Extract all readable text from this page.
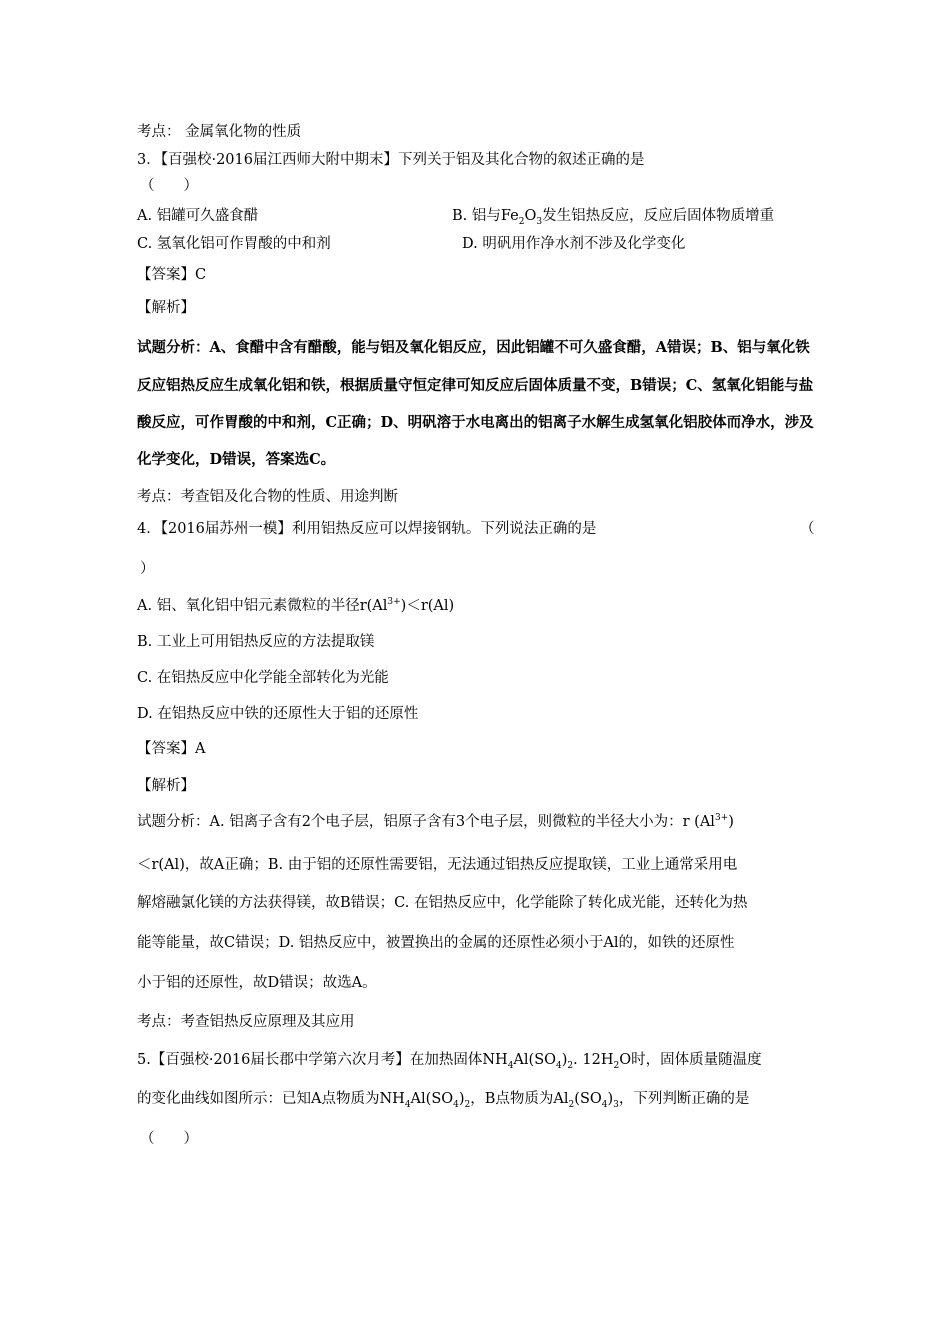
考点： 金属氧化物的性质
3．【百强校·2016届江西师大附中期末】下列关于铝及其化合物的叙述正确的是
（　　）
A. 铝罐可久盛食醋	B. 铝与$Fe_2O_3$发生铝热反应，反应后固体物质增重
C. 氢氧化铝可作胃酸的中和剂	D. 明矾用作净水剂不涉及化学变化
【答案】C
【解析】
试题分析：A、食醋中含有醋酸，能与铝及氧化铝反应，因此铝罐不可久盛食醋，A错误；B、铝与氧化铁
反应铝热反应生成氧化铝和铁，根据质量守恒定律可知反应后固体质量不变，B错误；C、氢氧化铝能与盐
酸反应，可作胃酸的中和剂，C正确；D、明矾溶于水电离出的铝离子水解生成氢氧化铝胶体而净水，涉及
化学变化，D错误，答案选C。
考点：考查铝及化合物的性质、用途判断
4．【2016届苏州一模】利用铝热反应可以焊接钢轨。下列说法正确的是	（
）
A. 铝、氧化铝中铝元素微粒的半径$r(Al^{3+})<r(Al)$
B. 工业上可用铝热反应的方法提取镁
C. 在铝热反应中化学能全部转化为光能
D. 在铝热反应中铁的还原性大于铝的还原性
【答案】A
【解析】
试题分析：A. 铝离子含有2个电子层，铝原子含有3个电子层，则微粒的半径大小为：r $(Al^{3+})$
＜r(Al)，故A正确；B. 由于铝的还原性需要铝，无法通过铝热反应提取镁，工业上通常采用电
解熔融氯化镁的方法获得镁，故B错误；C. 在铝热反应中，化学能除了转化成光能，还转化为热
能等能量，故C错误；D. 铝热反应中，被置换出的金属的还原性必须小于Al的，如铁的还原性
小于铝的还原性，故D错误；故选A。
考点：考查铝热反应原理及其应用
5.【百强校·2016届长郡中学第六次月考】在加热固体$NH_4Al(SO_4)_2$. $12H_2O$时，固体质量随温度
的变化曲线如图所示：已知A点物质为$NH_4Al(SO_4)_2$，B点物质为$Al_2(SO_4)_3$，下列判断正确的是
（　　）
